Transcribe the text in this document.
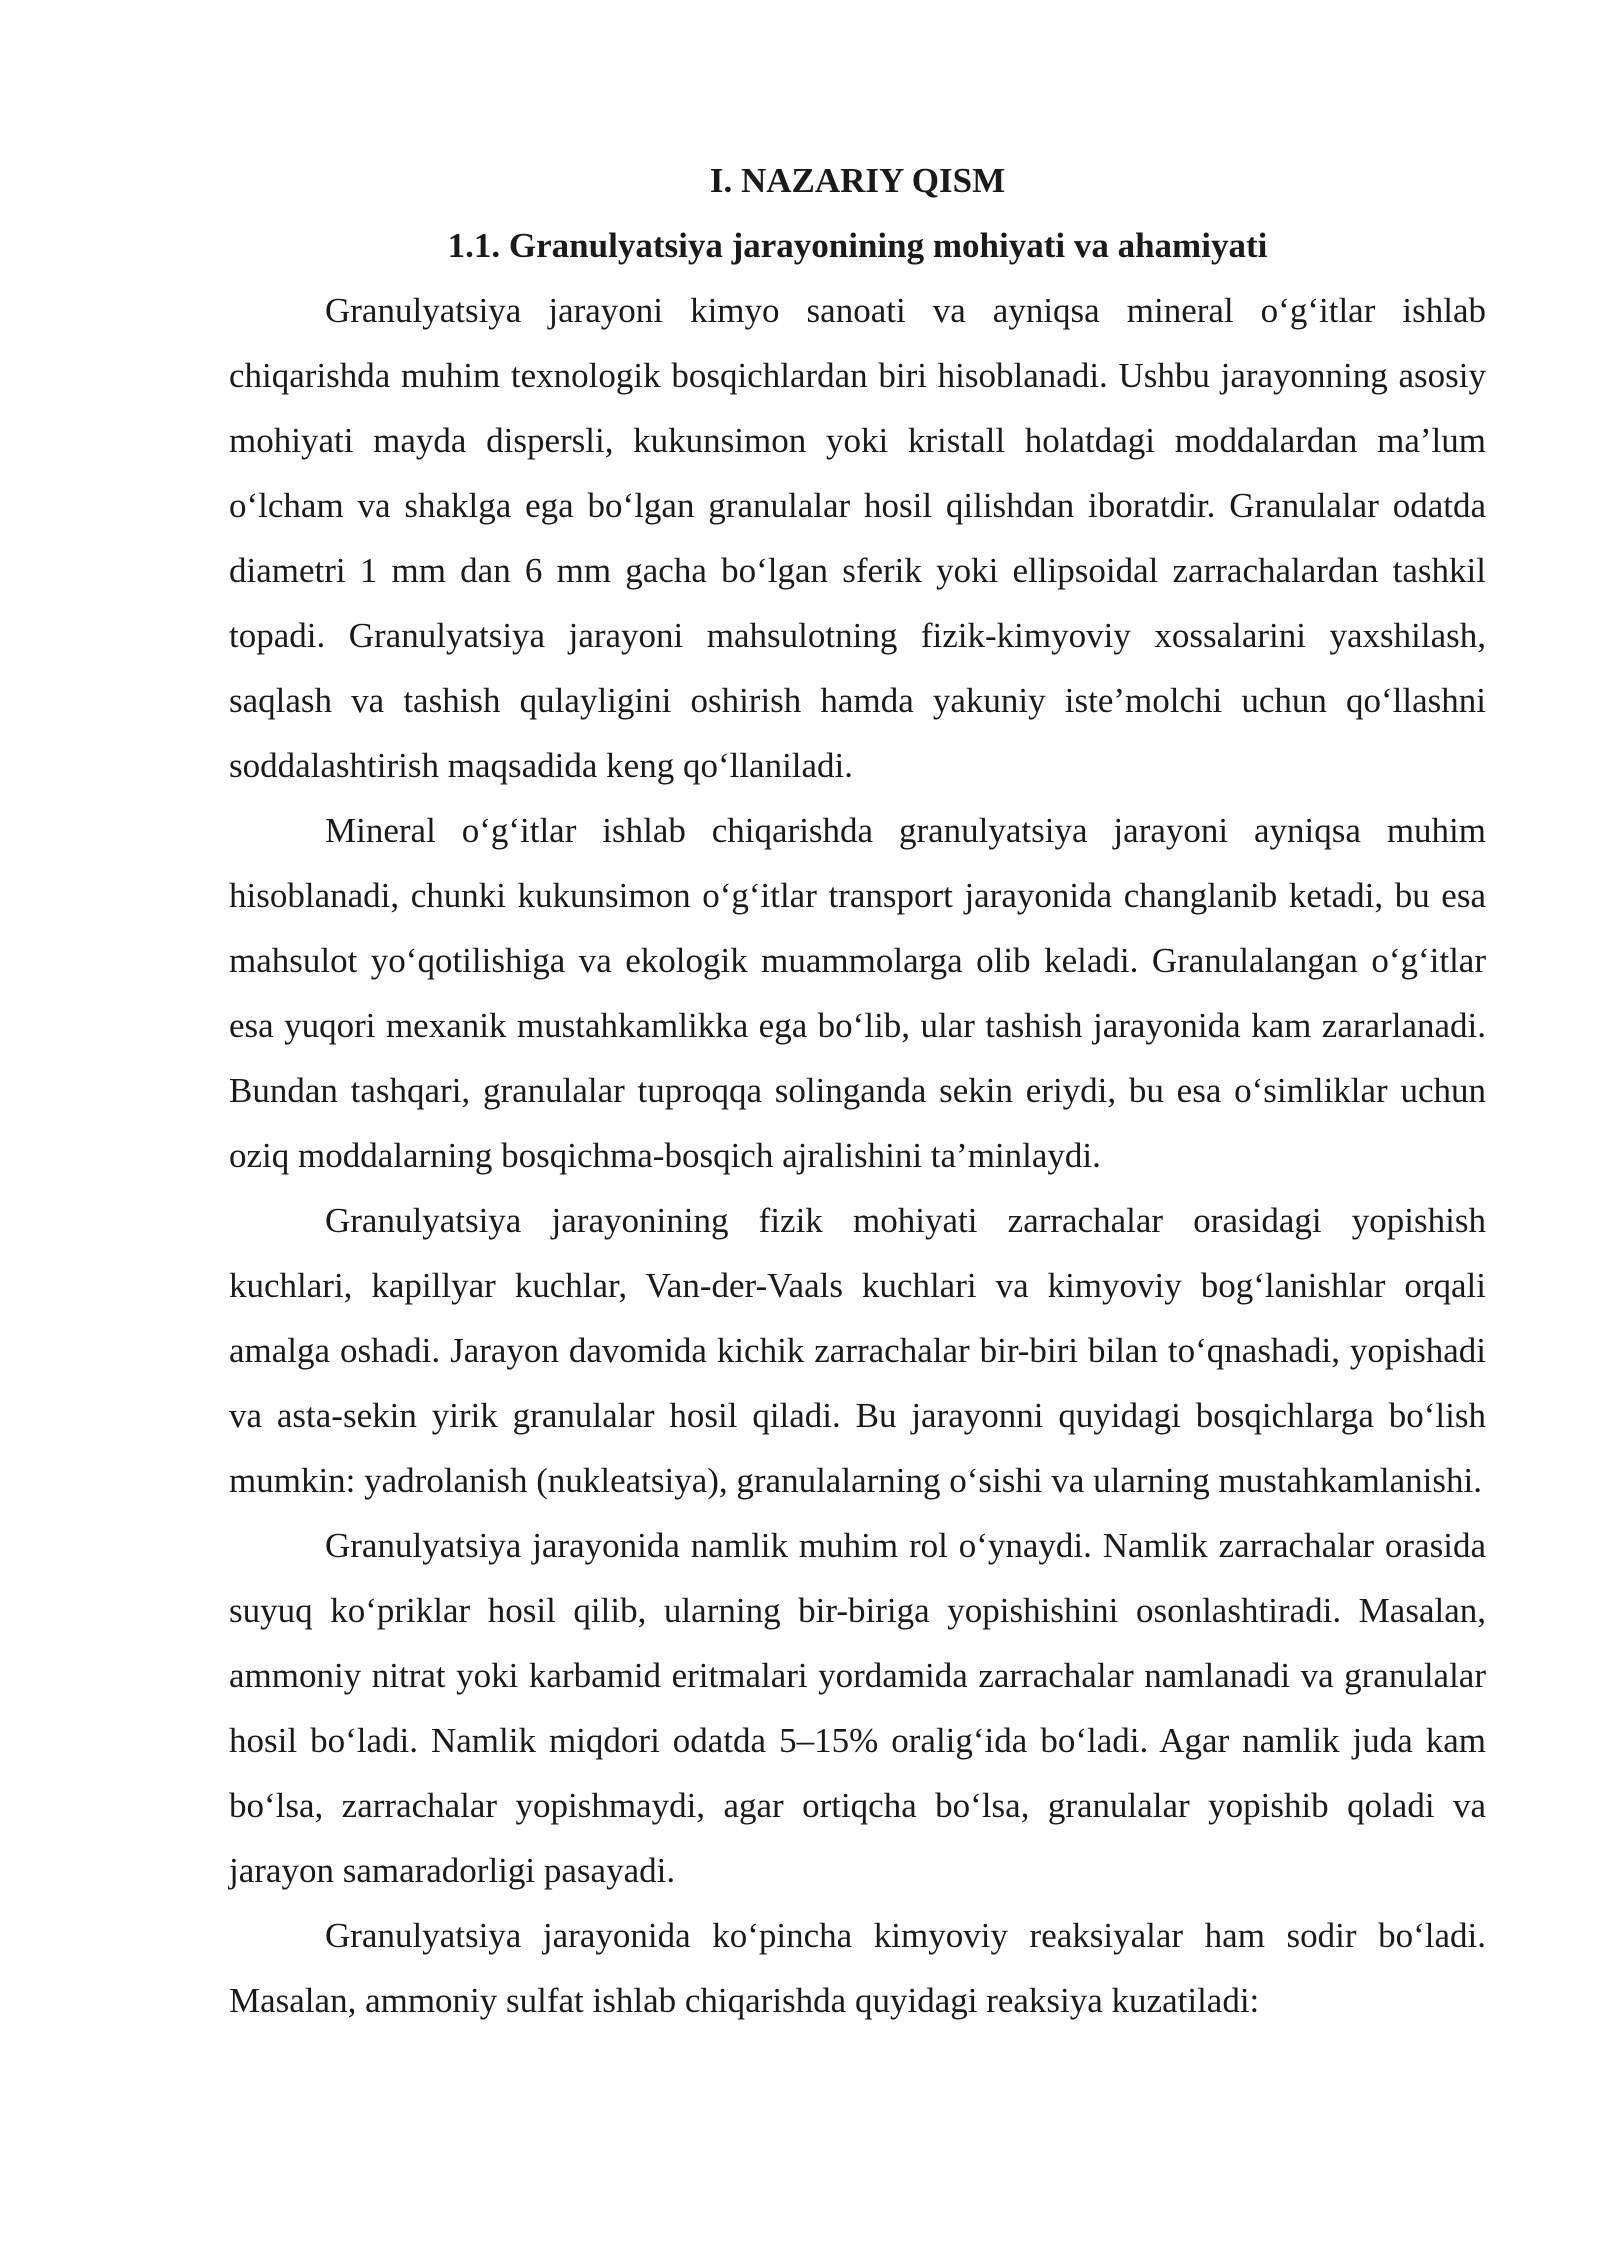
I. NAZARIY QISM

1.1. Granulyatsiya jarayonining mohiyati va ahamiyati

Granulyatsiya jarayoni kimyo sanoati va ayniqsa mineral o‘g‘itlar ishlab chiqarishda muhim texnologik bosqichlardan biri hisoblanadi. Ushbu jarayonning asosiy mohiyati mayda dispersli, kukunsimon yoki kristall holatdagi moddalardan ma’lum o‘lcham va shaklga ega bo‘lgan granulalar hosil qilishdan iboratdir. Granulalar odatda diametri 1 mm dan 6 mm gacha bo‘lgan sferik yoki ellipsoidal zarrachalardan tashkil topadi. Granulyatsiya jarayoni mahsulotning fizik-kimyoviy xossalarini yaxshilash, saqlash va tashish qulayligini oshirish hamda yakuniy iste’molchi uchun qo‘llashni soddalashtirish maqsadida keng qo‘llaniladi.

Mineral o‘g‘itlar ishlab chiqarishda granulyatsiya jarayoni ayniqsa muhim hisoblanadi, chunki kukunsimon o‘g‘itlar transport jarayonida changlanib ketadi, bu esa mahsulot yo‘qotilishiga va ekologik muammolarga olib keladi. Granulalangan o‘g‘itlar esa yuqori mexanik mustahkamlikka ega bo‘lib, ular tashish jarayonida kam zararlanadi. Bundan tashqari, granulalar tuproqqa solinganda sekin eriydi, bu esa o‘simliklar uchun oziq moddalarning bosqichma-bosqich ajralishini ta’minlaydi.

Granulyatsiya jarayonining fizik mohiyati zarrachalar orasidagi yopishish kuchlari, kapillyar kuchlar, Van-der-Vaals kuchlari va kimyoviy bog‘lanishlar orqali amalga oshadi. Jarayon davomida kichik zarrachalar bir-biri bilan to‘qnashadi, yopishadi va asta-sekin yirik granulalar hosil qiladi. Bu jarayonni quyidagi bosqichlarga bo‘lish mumkin: yadrolanish (nukleatsiya), granulalarning o‘sishi va ularning mustahkamlanishi.

Granulyatsiya jarayonida namlik muhim rol o‘ynaydi. Namlik zarrachalar orasida suyuq ko‘priklar hosil qilib, ularning bir-biriga yopishishini osonlashtiradi. Masalan, ammoniy nitrat yoki karbamid eritmalari yordamida zarrachalar namlanadi va granulalar hosil bo‘ladi. Namlik miqdori odatda 5–15% oralig‘ida bo‘ladi. Agar namlik juda kam bo‘lsa, zarrachalar yopishmaydi, agar ortiqcha bo‘lsa, granulalar yopishib qoladi va jarayon samaradorligi pasayadi.

Granulyatsiya jarayonida ko‘pincha kimyoviy reaksiyalar ham sodir bo‘ladi. Masalan, ammoniy sulfat ishlab chiqarishda quyidagi reaksiya kuzatiladi:
